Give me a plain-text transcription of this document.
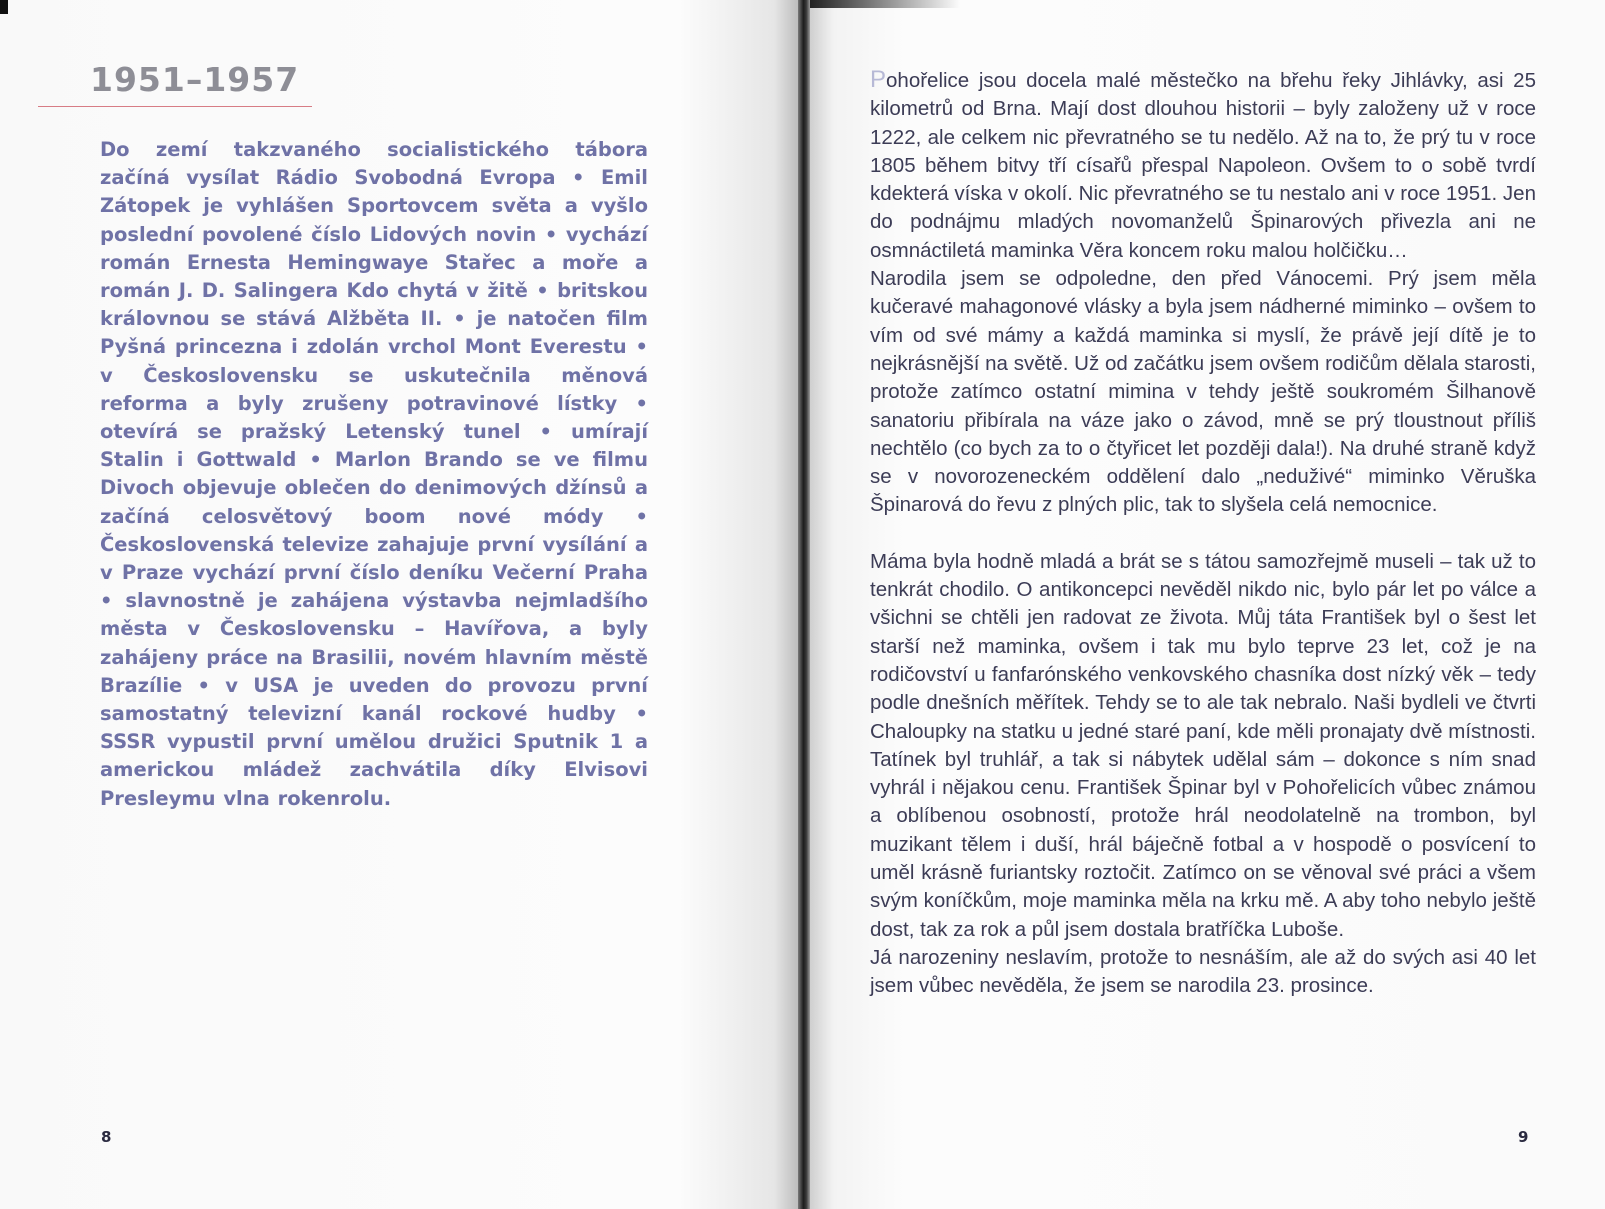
1951–1957

Do zemí takzvaného socialistického tábora začíná vysílat Rádio Svobodná Evropa • Emil Zátopek je vyhlášen Sportovcem světa a vyšlo poslední povolené číslo Lidových novin • vychází román Ernesta Hemingwaye Stařec a moře a román J. D. Salingera Kdo chytá v žitě • britskou královnou se stává Alžběta II. • je natočen film Pyšná princezna i zdolán vrchol Mont Everestu • v Československu se uskutečnila měnová reforma a byly zrušeny potravinové lístky • otevírá se pražský Letenský tunel • umírají Stalin i Gottwald • Marlon Brando se ve filmu Divoch objevuje oblečen do denimových džínsů a začíná celosvětový boom nové módy • Československá televize zahajuje první vysílání a v Praze vychází první číslo deníku Večerní Praha • slavnostně je zahájena výstavba nejmladšího města v Československu – Havířova, a byly zahájeny práce na Brasilii, novém hlavním městě Brazílie • v USA je uveden do provozu první samostatný televizní kanál rockové hudby • SSSR vypustil první umělou družici Sputnik 1 a americkou mládež zachvátila díky Elvisovi Presleymu vlna rokenrolu.

8

Pohořelice jsou docela malé městečko na břehu řeky Jihlávky, asi 25 kilometrů od Brna. Mají dost dlouhou historii – byly založeny už v roce 1222, ale celkem nic převratného se tu nedělo. Až na to, že prý tu v roce 1805 během bitvy tří císařů přespal Napoleon. Ovšem to o sobě tvrdí kdekterá víska v okolí. Nic převratného se tu nestalo ani v roce 1951. Jen do podnájmu mladých novomanželů Špinarových přivezla ani ne osmnáctiletá maminka Věra koncem roku malou holčičku…

Narodila jsem se odpoledne, den před Vánocemi. Prý jsem měla kučeravé mahagonové vlásky a byla jsem nádherné miminko – ovšem to vím od své mámy a každá maminka si myslí, že právě její dítě je to nejkrásnější na světě. Už od začátku jsem ovšem rodičům dělala starosti, protože zatímco ostatní mimina v tehdy ještě soukromém Šilhanově sanatoriu přibírala na váze jako o závod, mně se prý tloustnout příliš nechtělo (co bych za to o čtyřicet let později dala!). Na druhé straně když se v novorozeneckém oddělení dalo „neduživé“ miminko Věruška Špinarová do řevu z plných plic, tak to slyšela celá nemocnice.

Máma byla hodně mladá a brát se s tátou samozřejmě museli – tak už to tenkrát chodilo. O antikoncepci nevěděl nikdo nic, bylo pár let po válce a všichni se chtěli jen radovat ze života. Můj táta František byl o šest let starší než maminka, ovšem i tak mu bylo teprve 23 let, což je na rodičovství u fanfarónského venkovského chasníka dost nízký věk – tedy podle dnešních měřítek. Tehdy se to ale tak nebralo. Naši bydleli ve čtvrti Chaloupky na statku u jedné staré paní, kde měli pronajaty dvě místnosti. Tatínek byl truhlář, a tak si nábytek udělal sám – dokonce s ním snad vyhrál i nějakou cenu. František Špinar byl v Pohořelicích vůbec známou a oblíbenou osobností, protože hrál neodolatelně na trombon, byl muzikant tělem i duší, hrál báječně fotbal a v hospodě o posvícení to uměl krásně furiantsky roztočit. Zatímco on se věnoval své práci a všem svým koníčkům, moje maminka měla na krku mě. A aby toho nebylo ještě dost, tak za rok a půl jsem dostala bratříčka Luboše.

Já narozeniny neslavím, protože to nesnáším, ale až do svých asi 40 let jsem vůbec nevěděla, že jsem se narodila 23. prosince.

9
